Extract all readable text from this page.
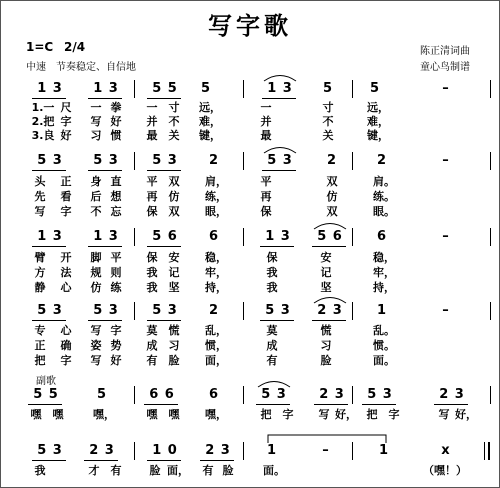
写字歌
1=C 2/4
中速　节奏稳定、自信地
陈正清词曲
童心鸟制谱
副歌
1 3	1 3	5 5	5	1 3	5	5	–
1.一 尺	一 拳	一	寸	远，	一	寸	远，
2.把 字	写 好	并	不	难，	并	不	难，
3.良 好	习 惯	最	关	键，	最	关	键，
5 3	5 3	5 3	2	5 3	2	2	–
头	正	身 直	平	双	肩，	平	双	肩。
先	看	后 想	再	仿	练，	再	仿	练。
写	字	不 忘	保	双	眼，	保	双	眼。
1 3	1 3	5 6	6	1 3	5 6	6	–
臂	开	脚 平	保	安	稳，	保	安	稳，
方	法	规 则	我	记	牢，	我	记	牢，
静	心	仿 练	我	坚	持，	我	坚	持，
5 3	5 3	5 3	2	5 3	2 3	1	–
专	心	写 字	莫	慌	乱，	莫	慌	乱。
正	确	姿 势	成	习	惯，	成	习	惯。
把	字	写 好	有	脸	面，	有	脸	面。
5 5	5	6 6	6	5 3	2 3	5 3	2 3
嘿	嘿	嘿，	嘿	嘿	嘿，	把	字	写 好， 把	字	写 好，
5 3	2 3	1 0	2 3	1	–	1	x
我	才	有	脸 面，	有 脸	面。	（嘿！）
